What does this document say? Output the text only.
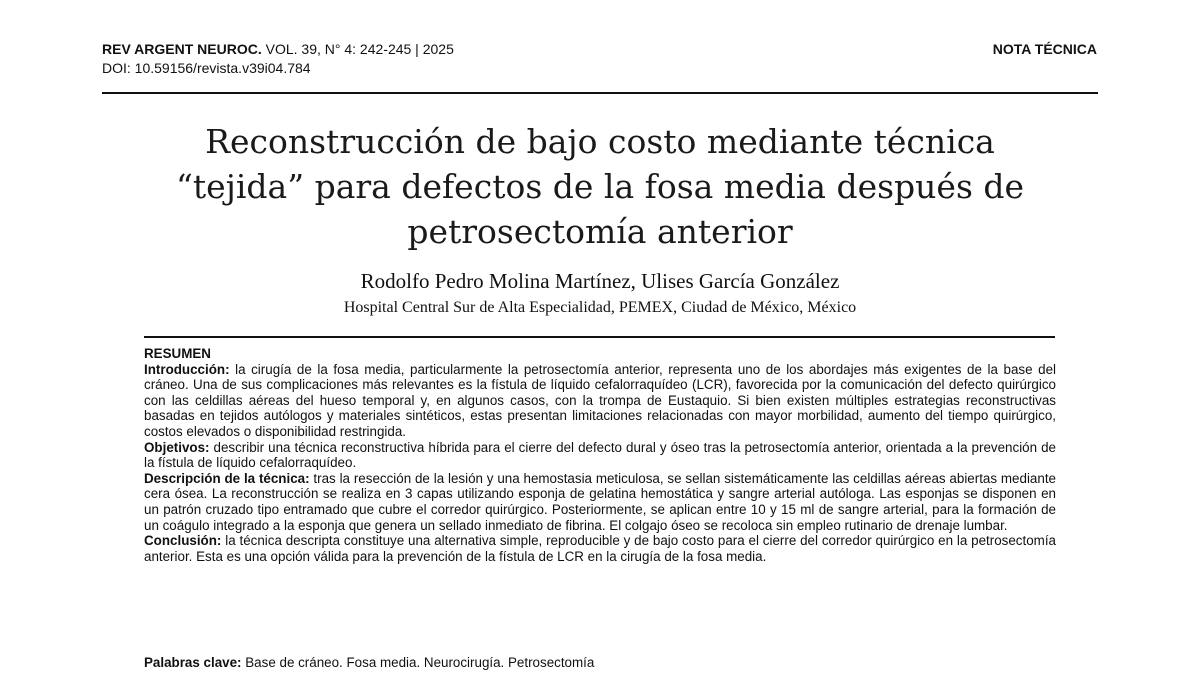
REV ARGENT NEUROC. VOL. 39, N° 4: 242-245 | 2025
DOI: 10.59156/revista.v39i04.784
NOTA TÉCNICA
Reconstrucción de bajo costo mediante técnica
“tejida” para defectos de la fosa media después de
petrosectomía anterior
Rodolfo Pedro Molina Martínez, Ulises García González
Hospital Central Sur de Alta Especialidad, PEMEX, Ciudad de México, México

RESUMEN

Introducción: la cirugía de la fosa media, particularmente la petrosectomía anterior, representa uno de los abordajes más exigentes de la base del cráneo. Una de sus complicaciones más relevantes es la fístula de líquido cefalorraquídeo (LCR), favorecida por la comunicación del defecto quirúrgico con las celdillas aéreas del hueso temporal y, en algunos casos, con la trompa de Eustaquio. Si bien existen múltiples estrategias reconstructivas basadas en tejidos autólogos y materiales sintéticos, estas presentan limitaciones relacionadas con mayor morbilidad, aumento del tiempo quirúrgico, costos elevados o disponibilidad restringida.

Objetivos: describir una técnica reconstructiva híbrida para el cierre del defecto dural y óseo tras la petrosectomía anterior, orientada a la prevención de la fístula de líquido cefalorraquídeo.

Descripción de la técnica: tras la resección de la lesión y una hemostasia meticulosa, se sellan sistemáticamente las celdillas aéreas abiertas mediante cera ósea. La reconstrucción se realiza en 3 capas utilizando esponja de gelatina hemostática y sangre arterial autóloga. Las esponjas se disponen en un patrón cruzado tipo entramado que cubre el corredor quirúrgico. Posteriormente, se aplican entre 10 y 15 ml de sangre arterial, para la formación de un coágulo integrado a la esponja que genera un sellado inmediato de fibrina. El colgajo óseo se recoloca sin empleo rutinario de drenaje lumbar.

Conclusión: la técnica descripta constituye una alternativa simple, reproducible y de bajo costo para el cierre del corredor quirúrgico en la petrosectomía anterior. Esta es una opción válida para la prevención de la fístula de LCR en la cirugía de la fosa media.

Palabras clave: Base de cráneo. Fosa media. Neurocirugía. Petrosectomía
